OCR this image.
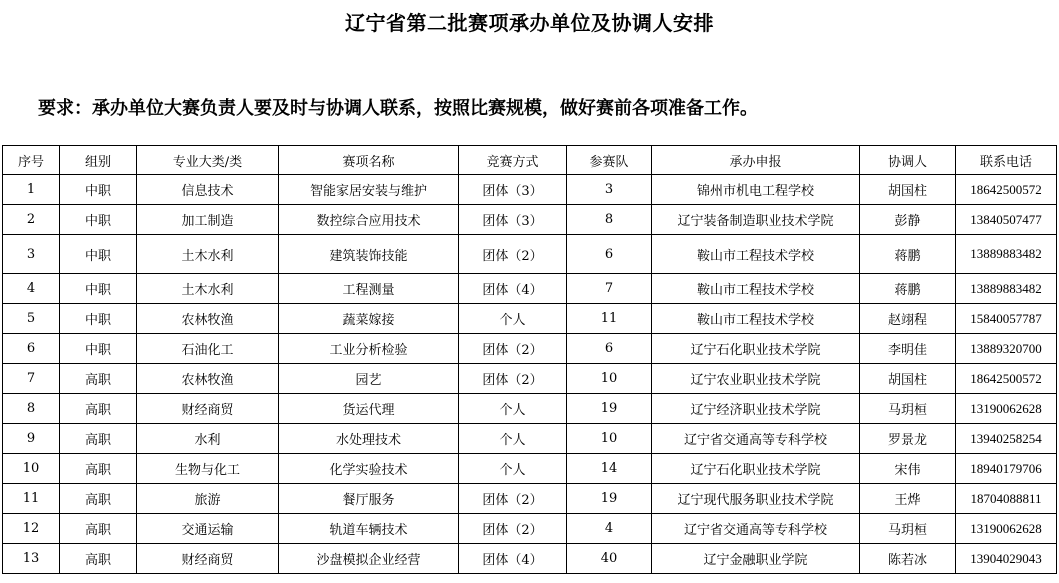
辽宁省第二批赛项承办单位及协调人安排
要求：承办单位大赛负责人要及时与协调人联系，按照比赛规模，做好赛前各项准备工作。
序号	组别	专业大类/类	赛项名称	竞赛方式	参赛队	承办申报	协调人	联系电话
1	中职	信息技术	智能家居安装与维护	团体（3）	3	锦州市机电工程学校	胡国柱	18642500572
2	中职	加工制造	数控综合应用技术	团体（3）	8	辽宁装备制造职业技术学院	彭静	13840507477
3	中职	土木水利	建筑装饰技能	团体（2）	6	鞍山市工程技术学校	蒋鹏	13889883482
4	中职	土木水利	工程测量	团体（4）	7	鞍山市工程技术学校	蒋鹏	13889883482
5	中职	农林牧渔	蔬菜嫁接	个人	11	鞍山市工程技术学校	赵翊程	15840057787
6	中职	石油化工	工业分析检验	团体（2）	6	辽宁石化职业技术学院	李明佳	13889320700
7	高职	农林牧渔	园艺	团体（2）	10	辽宁农业职业技术学院	胡国柱	18642500572
8	高职	财经商贸	货运代理	个人	19	辽宁经济职业技术学院	马玥桓	13190062628
9	高职	水利	水处理技术	个人	10	辽宁省交通高等专科学校	罗景龙	13940258254
10	高职	生物与化工	化学实验技术	个人	14	辽宁石化职业技术学院	宋伟	18940179706
11	高职	旅游	餐厅服务	团体（2）	19	辽宁现代服务职业技术学院	王烨	18704088811
12	高职	交通运输	轨道车辆技术	团体（2）	4	辽宁省交通高等专科学校	马玥桓	13190062628
13	高职	财经商贸	沙盘模拟企业经营	团体（4）	40	辽宁金融职业学院	陈若冰	13904029043
